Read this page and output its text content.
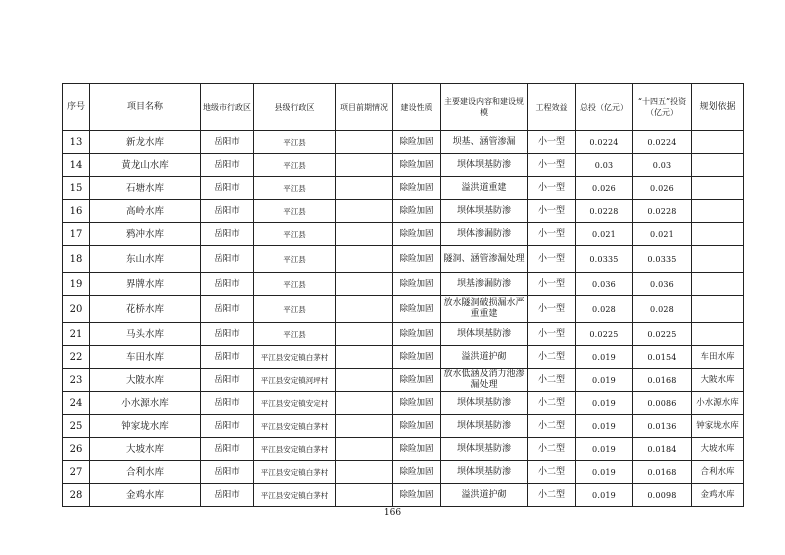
序号	项目名称	地级市行政区	县级行政区	项目前期情况	建设性质	主要建设内容和建设规模	工程效益	总投（亿元）	“十四五”投资（亿元）	规划依据
13	新龙水库	岳阳市	平江县		除险加固	坝基、涵管渗漏	小一型	0.0224	0.0224	
14	黄龙山水库	岳阳市	平江县		除险加固	坝体坝基防渗	小一型	0.03	0.03	
15	石塘水库	岳阳市	平江县		除险加固	溢洪道重建	小一型	0.026	0.026	
16	高岭水库	岳阳市	平江县		除险加固	坝体坝基防渗	小一型	0.0228	0.0228	
17	鸦冲水库	岳阳市	平江县		除险加固	坝体渗漏防渗	小一型	0.021	0.021	
18	东山水库	岳阳市	平江县		除险加固	隧洞、涵管渗漏处理	小一型	0.0335	0.0335	
19	界牌水库	岳阳市	平江县		除险加固	坝基渗漏防渗	小一型	0.036	0.036	
20	花桥水库	岳阳市	平江县		除险加固	放水隧洞破损漏水严重重建	小一型	0.028	0.028	
21	马头水库	岳阳市	平江县		除险加固	坝体坝基防渗	小一型	0.0225	0.0225	
22	车田水库	岳阳市	平江县安定镇白茅村		除险加固	溢洪道护砌	小二型	0.019	0.0154	车田水库
23	大陂水库	岳阳市	平江县安定镇河坪村		除险加固	放水低涵及消力池渗漏处理	小二型	0.019	0.0168	大陂水库
24	小水源水库	岳阳市	平江县安定镇安定村		除险加固	坝体坝基防渗	小二型	0.019	0.0086	小水源水库
25	钟家垅水库	岳阳市	平江县安定镇白茅村		除险加固	坝体坝基防渗	小二型	0.019	0.0136	钟家垅水库
26	大坡水库	岳阳市	平江县安定镇白茅村		除险加固	坝体坝基防渗	小二型	0.019	0.0184	大坡水库
27	合利水库	岳阳市	平江县安定镇白茅村		除险加固	坝体坝基防渗	小二型	0.019	0.0168	合利水库
28	金鸡水库	岳阳市	平江县安定镇白茅村		除险加固	溢洪道护砌	小二型	0.019	0.0098	金鸡水库
166
